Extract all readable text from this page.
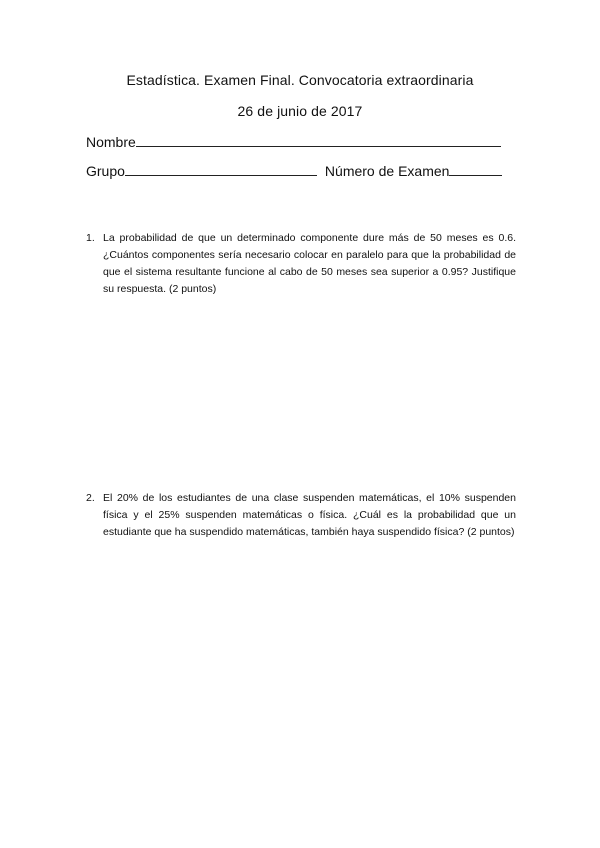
Estadística. Examen Final. Convocatoria extraordinaria
26 de junio de 2017
Nombre
Grupo	Número de Examen
1. La probabilidad de que un determinado componente dure más de 50 meses es 0.6. ¿Cuántos componentes sería necesario colocar en paralelo para que la probabilidad de que el sistema resultante funcione al cabo de 50 meses sea superior a 0.95? Justifique su respuesta. (2 puntos)
2. El 20% de los estudiantes de una clase suspenden matemáticas, el 10% suspenden física y el 25% suspenden matemáticas o física. ¿Cuál es la probabilidad que un estudiante que ha suspendido matemáticas, también haya suspendido física? (2 puntos)
